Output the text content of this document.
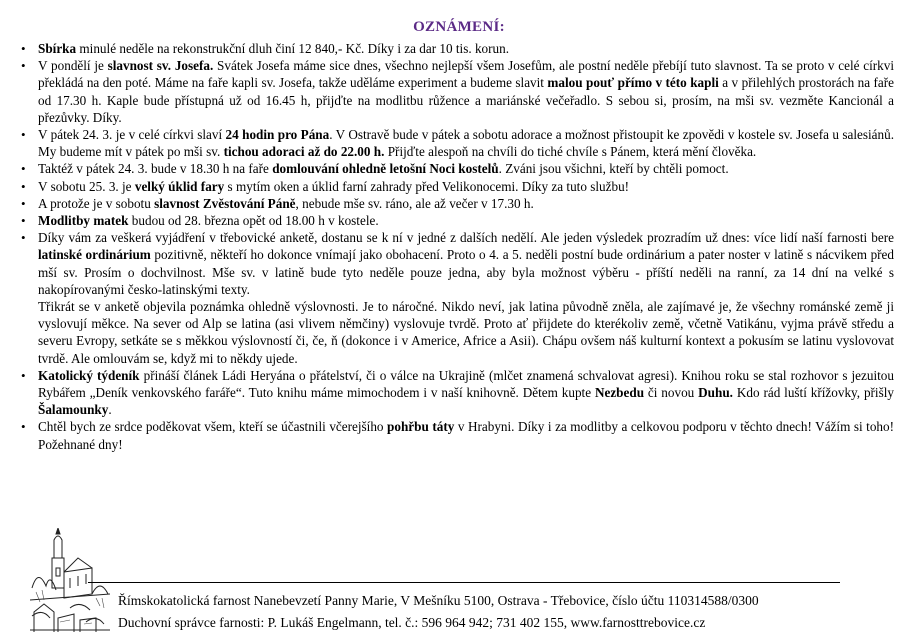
OZNÁMENÍ:
• Sbírka minulé neděle na rekonstrukční dluh činí 12 840,- Kč. Díky i za dar 10 tis. korun.

• V pondělí je slavnost sv. Josefa. Svátek Josefa máme sice dnes, všechno nejlepší všem Josefům, ale postní neděle přebíjí tuto slavnost. Ta se proto v celé církvi překládá na den poté. Máme na faře kapli sv. Josefa, takže uděláme experiment a budeme slavit malou pouť přímo v této kapli a v přilehlých prostorách na faře od 17.30 h. Kaple bude přístupná už od 16.45 h, přijďte na modlitbu růžence a mariánské večeřadlo. S sebou si, prosím, na mši sv. vezměte Kancionál a přezůvky. Díky.

• V pátek 24. 3. je v celé církvi slaví 24 hodin pro Pána. V Ostravě bude v pátek a sobotu adorace a možnost přistoupit ke zpovědi v kostele sv. Josefa u salesiánů. My budeme mít v pátek po mši sv. tichou adoraci až do 22.00 h. Přijďte alespoň na chvíli do tiché chvíle s Pánem, která mění člověka.

• Taktéž v pátek 24. 3. bude v 18.30 h na faře domlouvání ohledně letošní Noci kostelů. Zváni jsou všichni, kteří by chtěli pomoct.

• V sobotu 25. 3. je velký úklid fary s mytím oken a úklid farní zahrady před Velikonocemi. Díky za tuto službu!

• A protože je v sobotu slavnost Zvěstování Páně, nebude mše sv. ráno, ale až večer v 17.30 h.

• Modlitby matek budou od 28. března opět od 18.00 h v kostele.

• Díky vám za veškerá vyjádření v třebovické anketě, dostanu se k ní v jedné z dalších nedělí. Ale jeden výsledek prozradím už dnes: více lidí naší farnosti bere latinské ordinárium pozitivně, někteří ho dokonce vnímají jako obohacení. Proto o 4. a 5. neděli postní bude ordinárium a pater noster v latině s nácvikem před mší sv. Prosím o dochvilnost. Mše sv. v latině bude tyto neděle pouze jedna, aby byla možnost výběru - příští neděli na ranní, za 14 dní na velké s nakopírovanými česko-latinskými texty.

Třikrát se v anketě objevila poznámka ohledně výslovnosti. Je to náročné. Nikdo neví, jak latina původně zněla, ale zajímavé je, že všechny románské země ji vyslovují měkce. Na sever od Alp se latina (asi vlivem němčiny) vyslovuje tvrdě. Proto ať přijdete do kterékoliv země, včetně Vatikánu, vyjma právě středu a severu Evropy, setkáte se s měkkou výslovností či, če, ň (dokonce i v Americe, Africe a Asii). Chápu ovšem náš kulturní kontext a pokusím se latinu vyslovovat tvrdě. Ale omlouvám se, když mi to někdy ujede.

• Katolický týdeník přináší článek Ládi Heryána o přátelství, či o válce na Ukrajině (mlčet znamená schvalovat agresi). Knihou roku se stal rozhovor s jezuitou Rybářem „Deník venkovského faráře“. Tuto knihu máme mimochodem i v naší knihovně. Dětem kupte Nezbedu či novou Duhu. Kdo rád luští křížovky, přišly Šalamounky.

• Chtěl bych ze srdce poděkovat všem, kteří se účastnili včerejšího pohřbu táty v Hrabyni. Díky i za modlitby a celkovou podporu v těchto dnech! Vážím si toho! Požehnané dny!

Římskokatolická farnost Nanebevzetí Panny Marie, V Mešníku 5100, Ostrava - Třebovice, číslo účtu 110314588/0300
Duchovní správce farnosti: P. Lukáš Engelmann, tel. č.: 596 964 942; 731 402 155, www.farnosttrebovice.cz
